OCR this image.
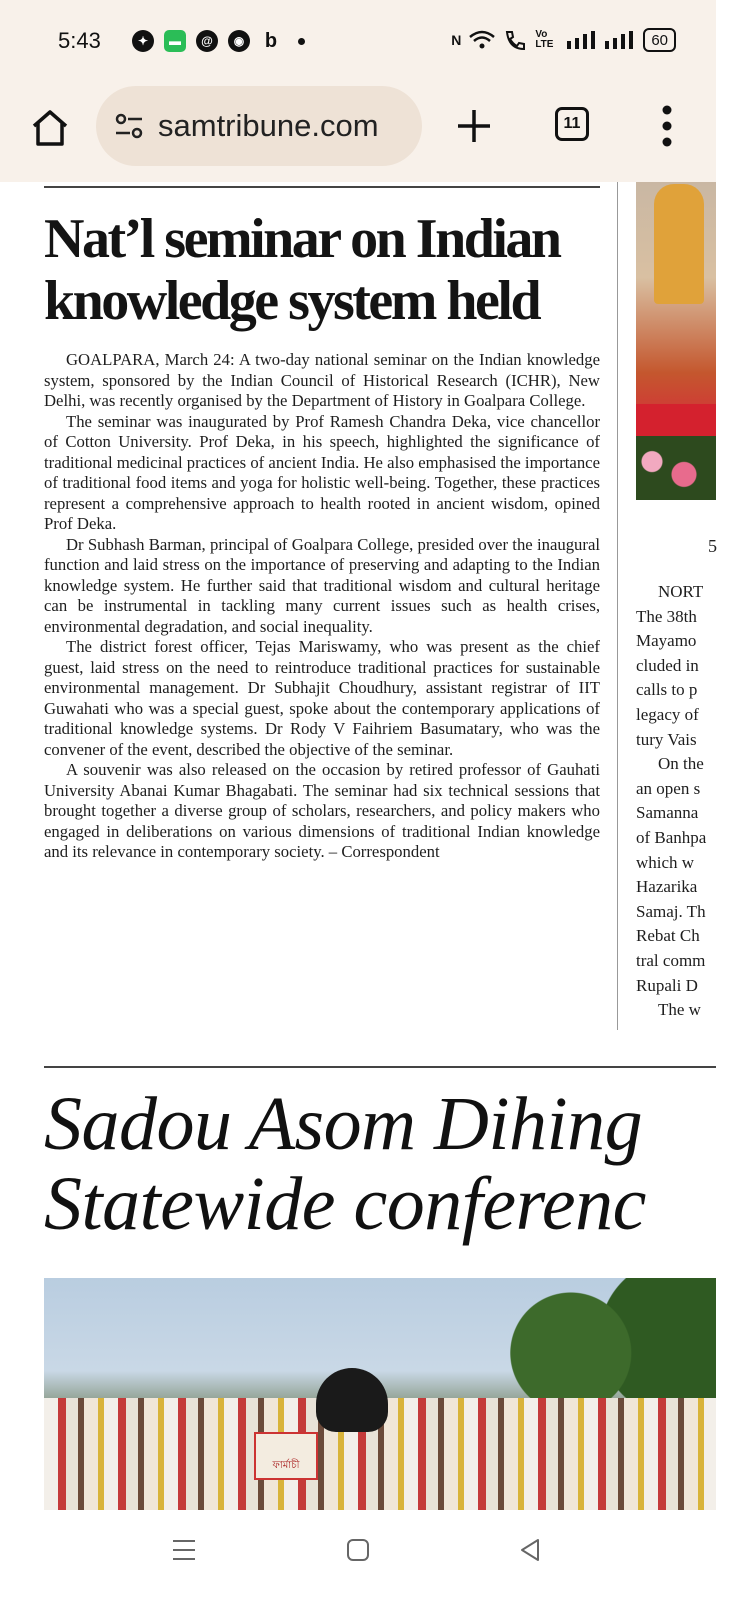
5:43	✦	▬	@	◉ b	N	Vo LTE	60
samtribune.com	11
Nat’l seminar on Indian knowledge system held

GOALPARA, March 24: A two-day national seminar on the Indian knowledge system, sponsored by the Indian Council of Historical Research (ICHR), New Delhi, was recently organised by the Department of History in Goalpara College.

The seminar was inaugurated by Prof Ramesh Chandra Deka, vice chancellor of Cotton University. Prof Deka, in his speech, highlighted the significance of traditional medicinal practices of ancient India. He also emphasised the importance of traditional food items and yoga for holistic well-being. Together, these practices represent a comprehensive approach to health rooted in ancient wisdom, opined Prof Deka.

Dr Subhash Barman, principal of Goalpara College, presided over the inaugural function and laid stress on the importance of preserving and adapting to the Indian knowledge system. He further said that traditional wisdom and cultural heritage can be instrumental in tackling many current issues such as health crises, environmental degradation, and social inequality.

The district forest officer, Tejas Mariswamy, who was present as the chief guest, laid stress on the need to reintroduce traditional practices for sustainable environmental management. Dr Subhajit Choudhury, assistant registrar of IIT Guwahati who was a special guest, spoke about the contemporary applications of traditional knowledge systems. Dr Rody V Faihriem Basumatary, who was the convener of the event, described the objective of the seminar.

A souvenir was also released on the occasion by retired professor of Gauhati University Abanai Kumar Bhagabati. The seminar had six technical sessions that brought together a diverse group of scholars, researchers, and policy makers who engaged in deliberations on various dimensions of traditional Indian knowledge and its relevance in contemporary society. – Correspondent

5
NORT
The 38th
Mayamo
cluded in
calls to p
legacy of
tury Vais
On the
an open s
Samanna
of Banhpa
which w
Hazarika
Samaj. Th
Rebat Ch
tral comm
Rupali D
The w
Sadou Asom Dihing
Statewide conferenc
ফাৰ্মাচী
